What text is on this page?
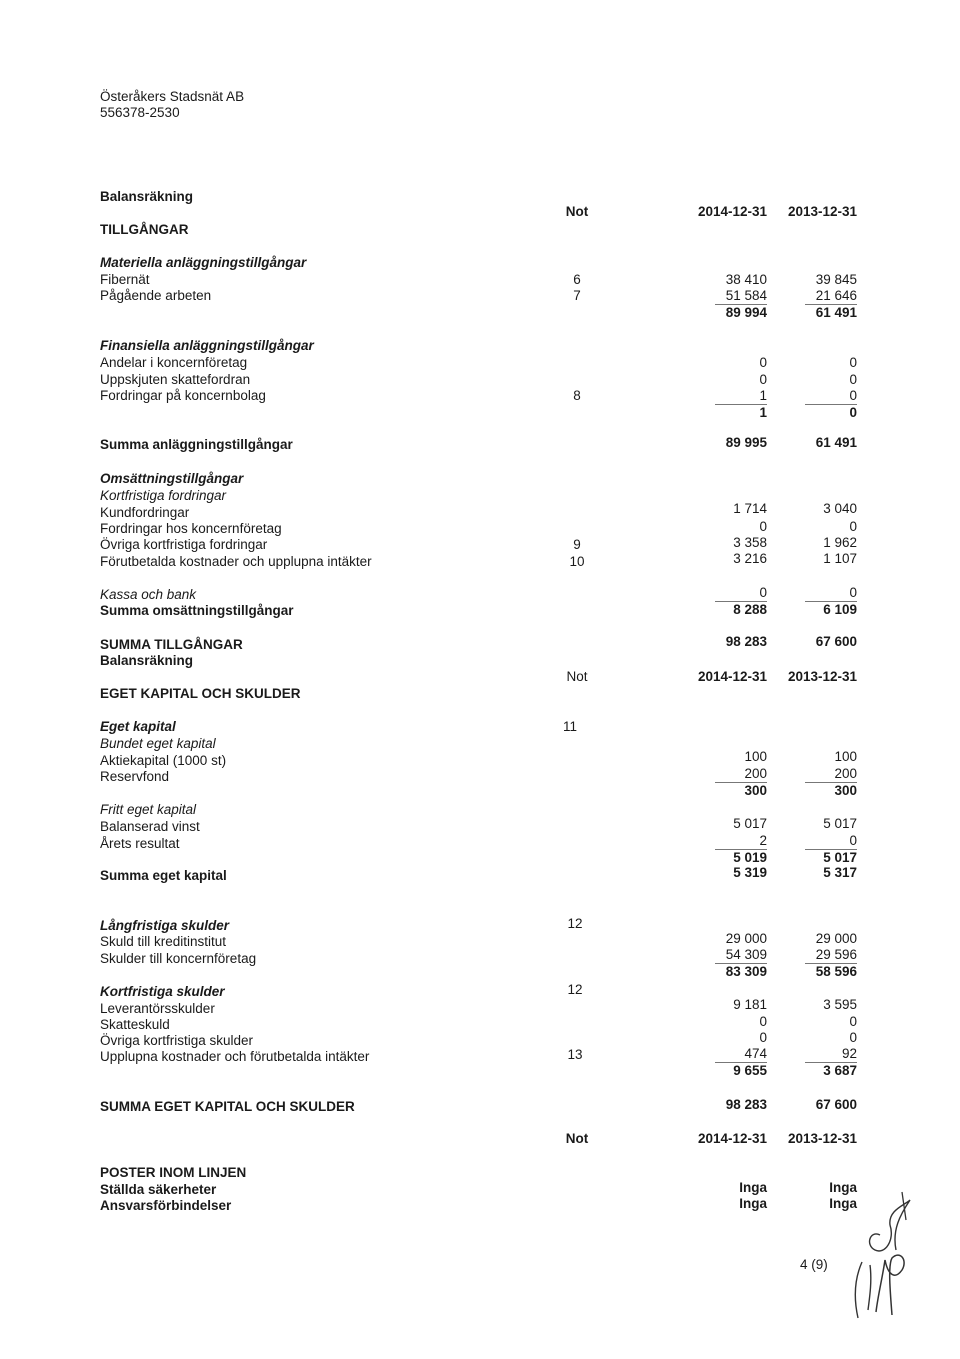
Österåkers Stadsnät AB
556378-2530
Balansräkning
Not	2014-12-31	2013-12-31
TILLGÅNGAR
Materiella anläggningstillgångar
Fibernät	6	38 410	39 845
Pågående arbeten	7	51 584	21 646
89 994	61 491
Finansiella anläggningstillgångar
Andelar i koncernföretag	0	0
Uppskjuten skattefordran	0	0
Fordringar på koncernbolag	8	1	0
1	0
Summa anläggningstillgångar	89 995	61 491
Omsättningstillgångar
Kortfristiga fordringar
Kundfordringar	1 714	3 040
Fordringar hos koncernföretag	0	0
Övriga kortfristiga fordringar	9	3 358	1 962
Förutbetalda kostnader och upplupna intäkter	10	3 216	1 107
Kassa och bank	0	0
Summa omsättningstillgångar	8 288	6 109
SUMMA TILLGÅNGAR	98 283	67 600
Balansräkning
Not	2014-12-31	2013-12-31
EGET KAPITAL OCH SKULDER
Eget kapital	11
Bundet eget kapital
Aktiekapital (1000 st)	100	100
Reservfond	200	200
300	300
Fritt eget kapital
Balanserad vinst	5 017	5 017
Årets resultat	2	0
5 019	5 017
Summa eget kapital	5 319	5 317
Långfristiga skulder	12
Skuld till kreditinstitut	29 000	29 000
Skulder till koncernföretag	54 309	29 596
83 309	58 596
Kortfristiga skulder	12
Leverantörsskulder	9 181	3 595
Skatteskuld	0	0
Övriga kortfristiga skulder	0	0
Upplupna kostnader och förutbetalda intäkter	13	474	92
9 655	3 687
SUMMA EGET KAPITAL OCH SKULDER	98 283	67 600
Not	2014-12-31	2013-12-31
POSTER INOM LINJEN
Ställda säkerheter	Inga	Inga
Ansvarsförbindelser	Inga	Inga
4 (9)
